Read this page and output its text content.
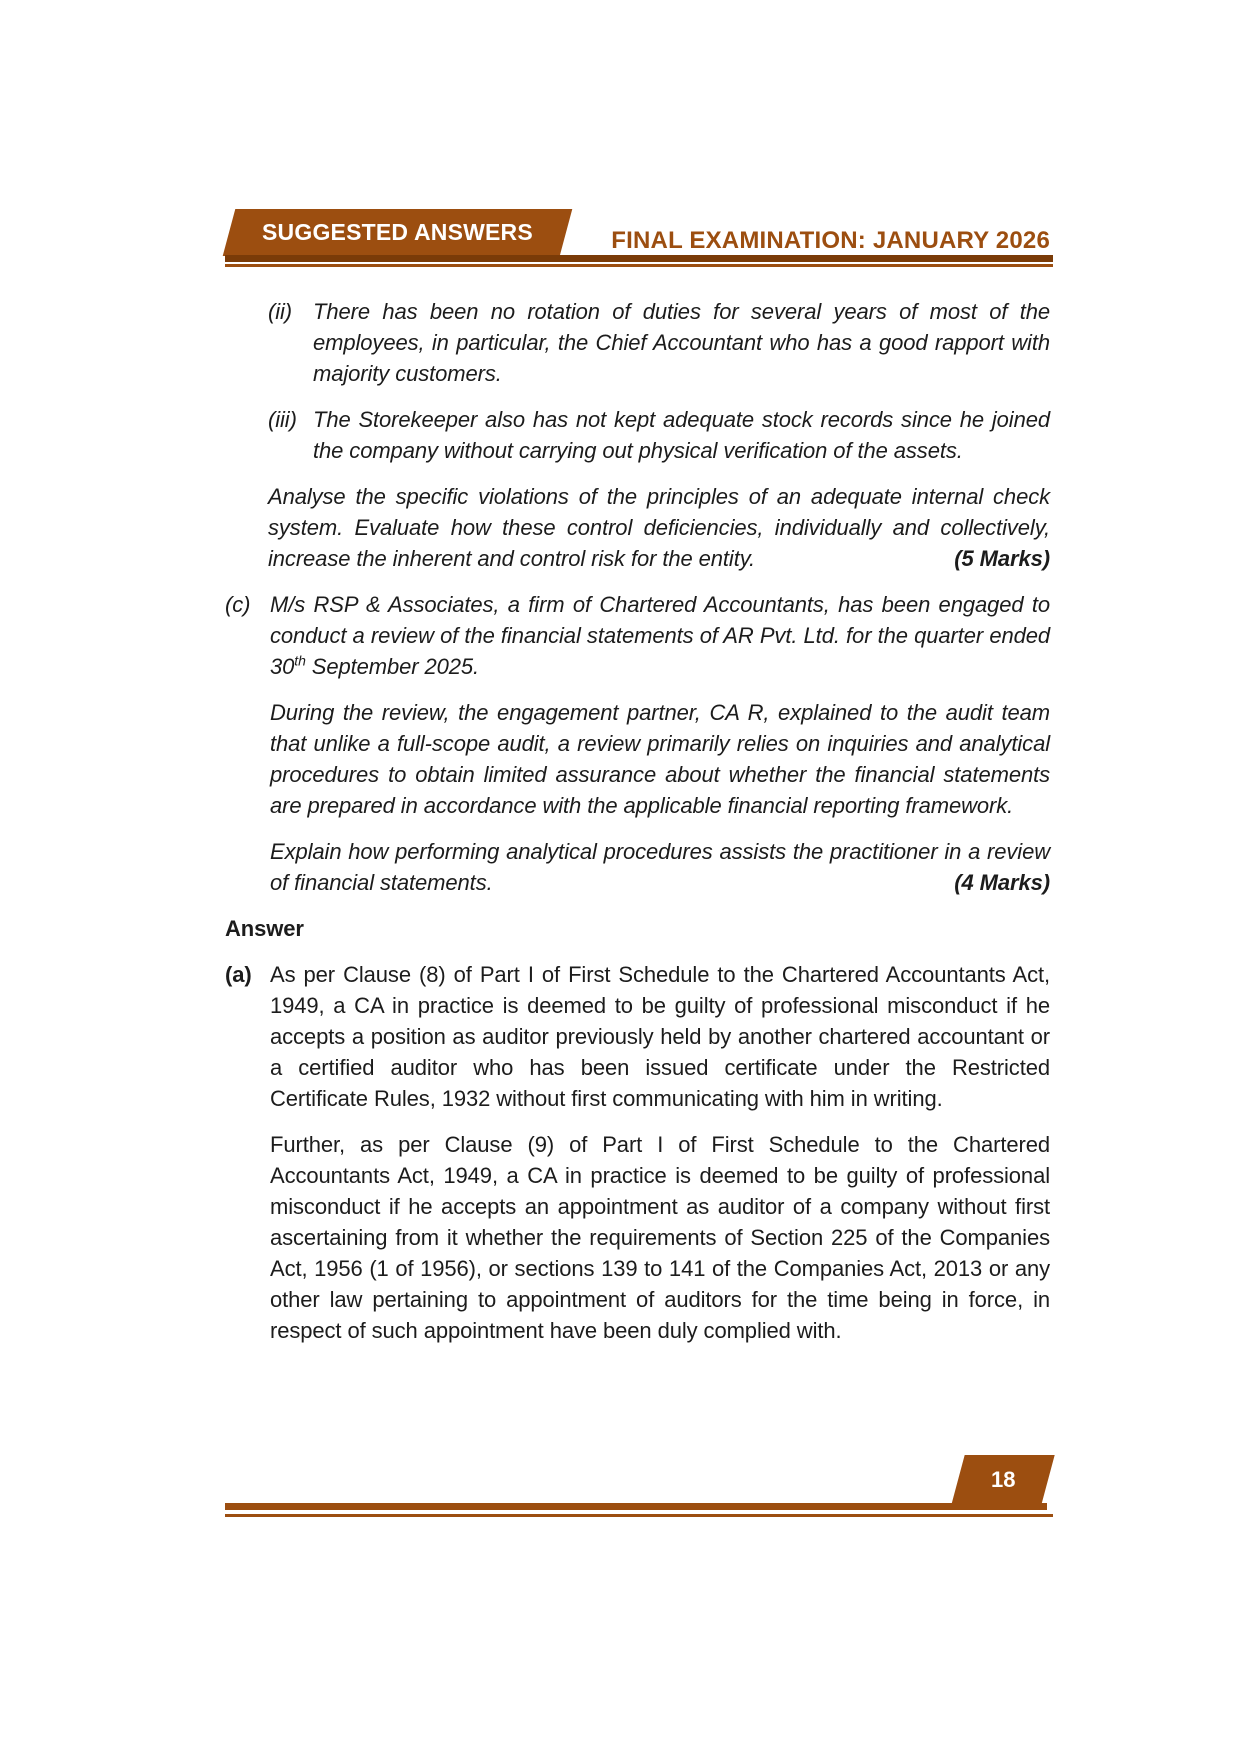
SUGGESTED ANSWERS	FINAL EXAMINATION: JANUARY 2026
(ii) There has been no rotation of duties for several years of most of the employees, in particular, the Chief Accountant who has a good rapport with majority customers.
(iii) The Storekeeper also has not kept adequate stock records since he joined the company without carrying out physical verification of the assets.

Analyse the specific violations of the principles of an adequate internal check system. Evaluate how these control deficiencies, individually and collectively, increase the inherent and control risk for the entity.	(5 Marks)

(c) M/s RSP & Associates, a firm of Chartered Accountants, has been engaged to conduct a review of the financial statements of AR Pvt. Ltd. for the quarter ended 30th September 2025.

During the review, the engagement partner, CA R, explained to the audit team that unlike a full-scope audit, a review primarily relies on inquiries and analytical procedures to obtain limited assurance about whether the financial statements are prepared in accordance with the applicable financial reporting framework.

Explain how performing analytical procedures assists the practitioner in a review of financial statements.	(4 Marks)

Answer
(a) As per Clause (8) of Part I of First Schedule to the Chartered Accountants Act, 1949, a CA in practice is deemed to be guilty of professional misconduct if he accepts a position as auditor previously held by another chartered accountant or a certified auditor who has been issued certificate under the Restricted Certificate Rules, 1932 without first communicating with him in writing.

Further, as per Clause (9) of Part I of First Schedule to the Chartered Accountants Act, 1949, a CA in practice is deemed to be guilty of professional misconduct if he accepts an appointment as auditor of a company without first ascertaining from it whether the requirements of Section 225 of the Companies Act, 1956 (1 of 1956), or sections 139 to 141 of the Companies Act, 2013 or any other law pertaining to appointment of auditors for the time being in force, in respect of such appointment have been duly complied with.

18
